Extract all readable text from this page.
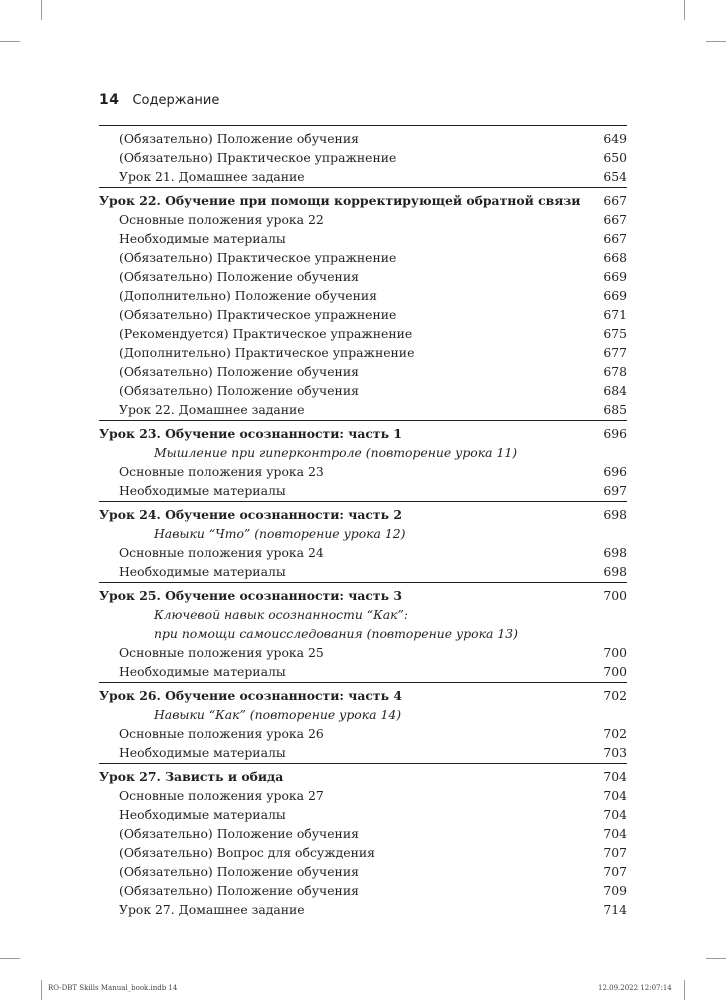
14 Содержание
(Обязательно) Положение обучения	649
(Обязательно) Практическое упражнение	650
Урок 21. Домашнее задание	654
Урок 22. Обучение при помощи корректирующей обратной связи	667
Основные положения урока 22	667
Необходимые материалы	667
(Обязательно) Практическое упражнение	668
(Обязательно) Положение обучения	669
(Дополнительно) Положение обучения	669
(Обязательно) Практическое упражнение	671
(Рекомендуется) Практическое упражнение	675
(Дополнительно) Практическое упражнение	677
(Обязательно) Положение обучения	678
(Обязательно) Положение обучения	684
Урок 22. Домашнее задание	685
Урок 23. Обучение осознанности: часть 1	696
Мышление при гиперконтроле (повторение урока 11)
Основные положения урока 23	696
Необходимые материалы	697
Урок 24. Обучение осознанности: часть 2	698
Навыки “Что” (повторение урока 12)
Основные положения урока 24	698
Необходимые материалы	698
Урок 25. Обучение осознанности: часть 3	700
Ключевой навык осознанности “Как”:
при помощи самоисследования (повторение урока 13)
Основные положения урока 25	700
Необходимые материалы	700
Урок 26. Обучение осознанности: часть 4	702
Навыки “Как” (повторение урока 14)
Основные положения урока 26	702
Необходимые материалы	703
Урок 27. Зависть и обида	704
Основные положения урока 27	704
Необходимые материалы	704
(Обязательно) Положение обучения	704
(Обязательно) Вопрос для обсуждения	707
(Обязательно) Положение обучения	707
(Обязательно) Положение обучения	709
Урок 27. Домашнее задание	714
RO-DBT Skills Manual_book.indb 14	12.09.2022 12:07:14
